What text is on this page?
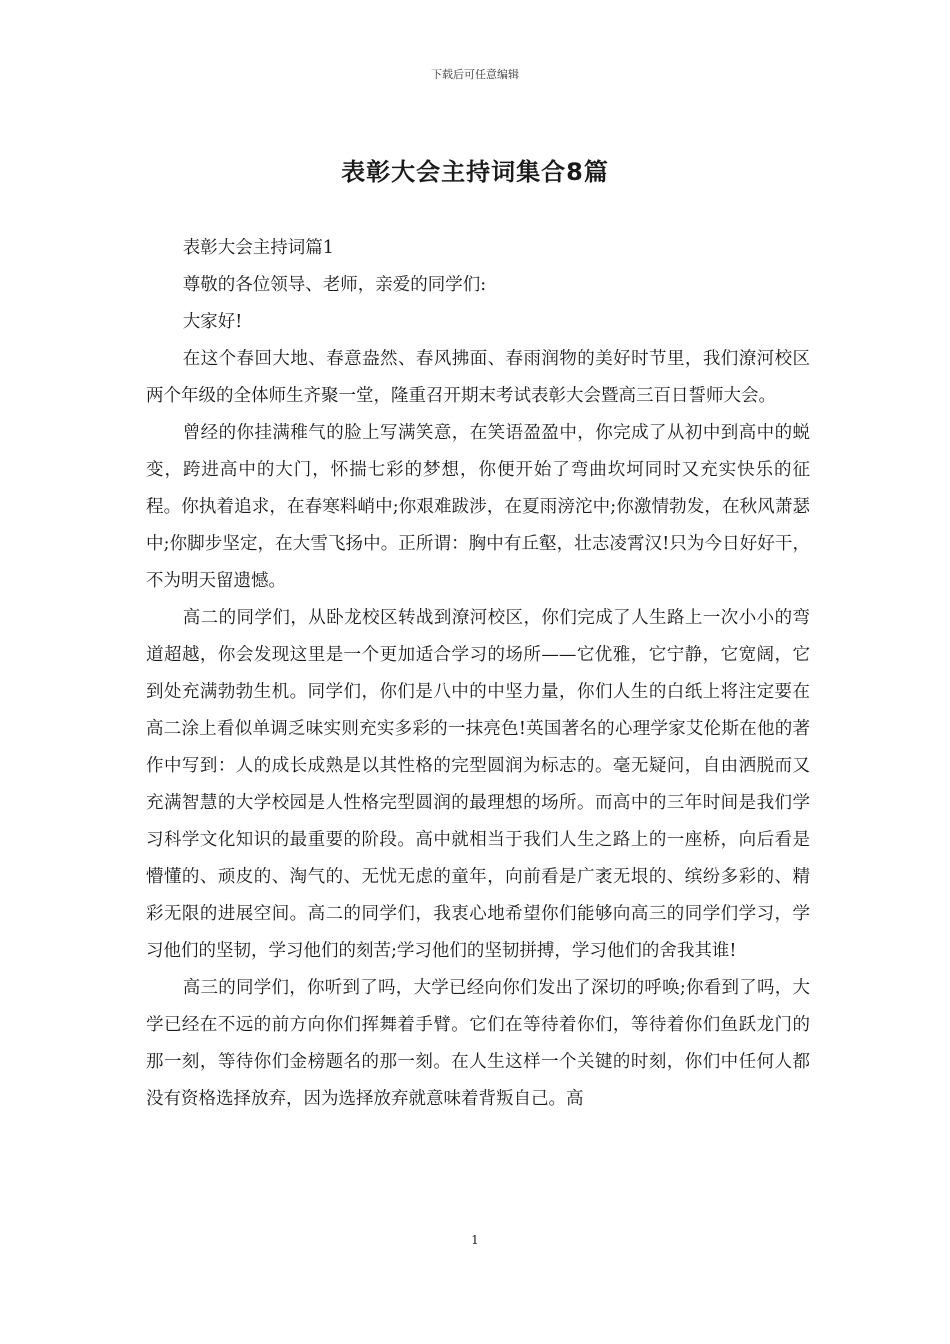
下载后可任意编辑
表彰大会主持词集合8篇

表彰大会主持词篇1

尊敬的各位领导、老师，亲爱的同学们:

大家好!

在这个春回大地、春意盎然、春风拂面、春雨润物的美好时节里，我们潦河校区两个年级的全体师生齐聚一堂，隆重召开期末考试表彰大会暨高三百日誓师大会。

曾经的你挂满稚气的脸上写满笑意，在笑语盈盈中，你完成了从初中到高中的蜕变，跨进高中的大门，怀揣七彩的梦想，你便开始了弯曲坎坷同时又充实快乐的征程。你执着追求，在春寒料峭中;你艰难跋涉，在夏雨滂沱中;你激情勃发，在秋风萧瑟中;你脚步坚定，在大雪飞扬中。正所谓：胸中有丘壑，壮志凌霄汉!只为今日好好干，不为明天留遗憾。

高二的同学们，从卧龙校区转战到潦河校区，你们完成了人生路上一次小小的弯道超越，你会发现这里是一个更加适合学习的场所——它优雅，它宁静，它宽阔，它到处充满勃勃生机。同学们，你们是八中的中坚力量，你们人生的白纸上将注定要在高二涂上看似单调乏味实则充实多彩的一抹亮色!英国著名的心理学家艾伦斯在他的著作中写到：人的成长成熟是以其性格的完型圆润为标志的。毫无疑问，自由洒脱而又充满智慧的大学校园是人性格完型圆润的最理想的场所。而高中的三年时间是我们学习科学文化知识的最重要的阶段。高中就相当于我们人生之路上的一座桥，向后看是懵懂的、顽皮的、淘气的、无忧无虑的童年，向前看是广袤无垠的、缤纷多彩的、精彩无限的进展空间。高二的同学们，我衷心地希望你们能够向高三的同学们学习，学习他们的坚韧，学习他们的刻苦;学习他们的坚韧拼搏，学习他们的舍我其谁!

高三的同学们，你听到了吗，大学已经向你们发出了深切的呼唤;你看到了吗，大学已经在不远的前方向你们挥舞着手臂。它们在等待着你们，等待着你们鱼跃龙门的那一刻，等待你们金榜题名的那一刻。在人生这样一个关键的时刻，你们中任何人都没有资格选择放弃，因为选择放弃就意味着背叛自己。高

1
